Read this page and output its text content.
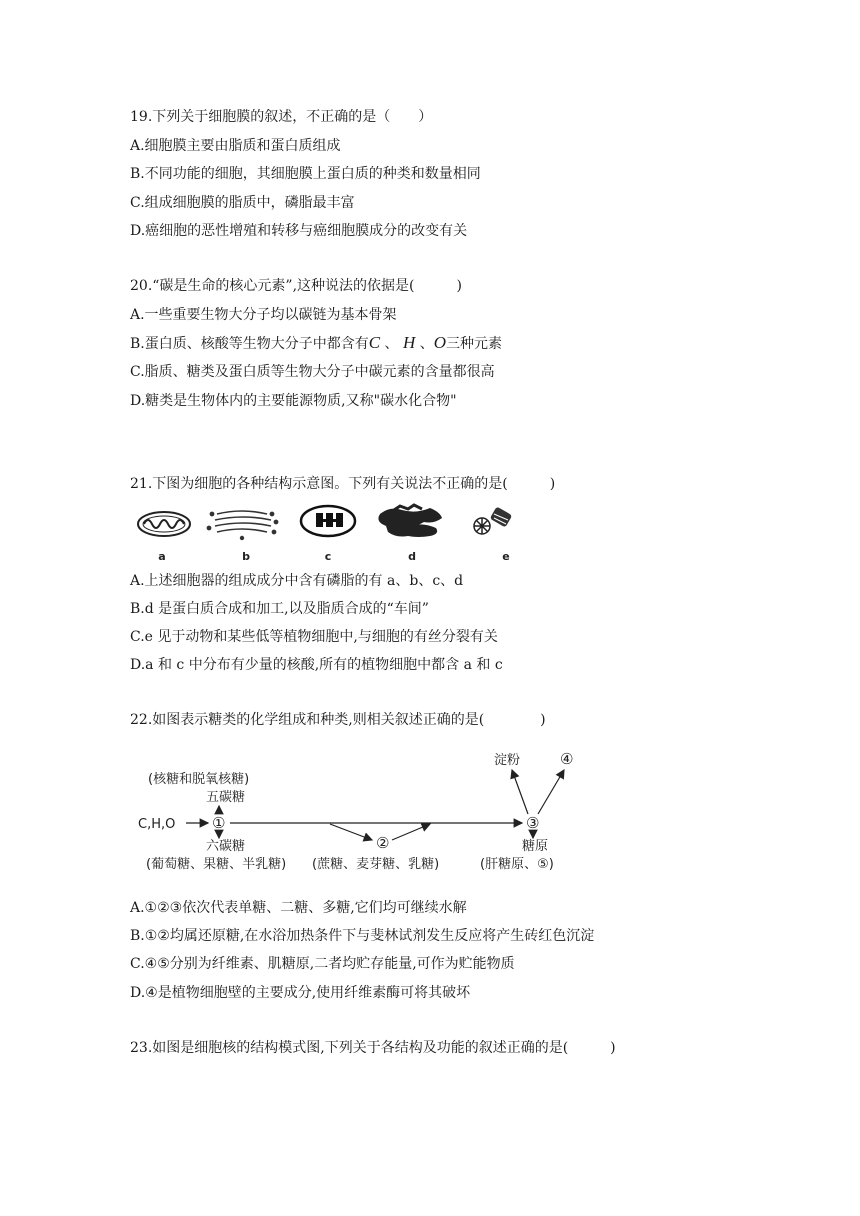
19.下列关于细胞膜的叙述，不正确的是（　　）
A.细胞膜主要由脂质和蛋白质组成
B.不同功能的细胞，其细胞膜上蛋白质的种类和数量相同
C.组成细胞膜的脂质中，磷脂最丰富
D.癌细胞的恶性增殖和转移与癌细胞膜成分的改变有关
20.“碳是生命的核心元素”,这种说法的依据是(　　　)
A.一些重要生物大分子均以碳链为基本骨架
B.蛋白质、核酸等生物大分子中都含有C 、 H 、O三种元素
C.脂质、糖类及蛋白质等生物大分子中碳元素的含量都很高
D.糖类是生物体内的主要能源物质,又称"碳水化合物"
21.下图为细胞的各种结构示意图。下列有关说法不正确的是(　　　)
a	b	c	d	e
A.上述细胞器的组成成分中含有磷脂的有 a、b、c、d
B.d 是蛋白质合成和加工,以及脂质合成的“车间”
C.e 见于动物和某些低等植物细胞中,与细胞的有丝分裂有关
D.a 和 c 中分布有少量的核酸,所有的植物细胞中都含 a 和 c
22.如图表示糖类的化学组成和种类,则相关叙述正确的是(　　　　)
(核糖和脱氧核糖)
五碳糖
C,H,O ①
六碳糖
(葡萄糖、果糖、半乳糖)
②
(蔗糖、麦芽糖、乳糖)
③
淀粉	④
糖原
(肝糖原、⑤)
A.①②③依次代表单糖、二糖、多糖,它们均可继续水解
B.①②均属还原糖,在水浴加热条件下与斐林试剂发生反应将产生砖红色沉淀
C.④⑤分别为纤维素、肌糖原,二者均贮存能量,可作为贮能物质
D.④是植物细胞壁的主要成分,使用纤维素酶可将其破坏
23.如图是细胞核的结构模式图,下列关于各结构及功能的叙述正确的是(　　　)
